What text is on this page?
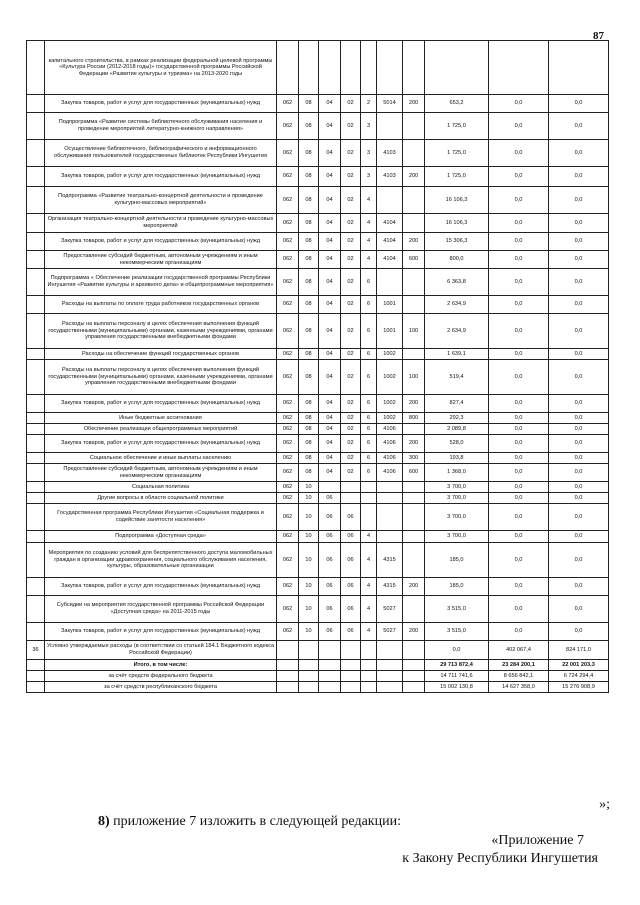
87
	капитального строительства, в рамках реализации федеральной целевой программы «Культура России (2012-2018 годы)» государственной программы Российской Федерации «Развитие культуры и туризма» на 2013-2020 годы										
	Закупка товаров, работ и услуг для государственных (муниципальных) нужд	062	08	04	02	2	5014	200	653,2	0,0	0,0
	Подпрограмма «Развитие системы библиотечного обслуживания населения и проведение мероприятий литературно-книжного направления»	062	08	04	02	3			1 725,0	0,0	0,0
	Осуществление библиотечного, библиографического и информационного обслуживания пользователей государственных библиотек Республики Ингушетия	062	08	04	02	3	4103		1 725,0	0,0	0,0
	Закупка товаров, работ и услуг для государственных (муниципальных) нужд	062	08	04	02	3	4103	200	1 725,0	0,0	0,0
	Подпрограмма «Развитие театрально-концертной деятельности и проведение культурно-массовых мероприятий»	062	08	04	02	4			16 106,3	0,0	0,0
	Организация театрально-концертной деятельности и проведение культурно-массовых мероприятий	062	08	04	02	4	4104		16 106,3	0,0	0,0
	Закупка товаров, работ и услуг для государственных (муниципальных) нужд	062	08	04	02	4	4104	200	15 306,3	0,0	0,0
	Предоставление субсидий бюджетным, автономным учреждениям и иным некоммерческим организациям	062	08	04	02	4	4104	600	800,0	0,0	0,0
	Подпрограмма « Обеспечение реализации государственной программы Республики Ингушетия «Развитие культуры и архивного дела» и общепрограммные мероприятия»	062	08	04	02	6			6 363,8	0,0	0,0
	Расходы на выплаты по оплате труда работников государственных органов	062	08	04	02	6	1001		2 634,9	0,0	0,0
	Расходы на выплаты персоналу в целях обеспечения выполнения функций государственными (муниципальными) органами, казенными учреждениями, органами управления государственными внебюджетными фондами	062	08	04	02	6	1001	100	2 634,9	0,0	0,0
	Расходы на обеспечение функций государственных органов	062	08	04	02	6	1002		1 639,1	0,0	0,0
	Расходы на выплаты персоналу в целях обеспечения выполнения функций государственными (муниципальными) органами, казенными учреждениями, органами управления государственными внебюджетными фондами	062	08	04	02	6	1002	100	519,4	0,0	0,0
	Закупка товаров, работ и услуг для государственных (муниципальных) нужд	062	08	04	02	6	1002	200	827,4	0,0	0,0
	Иные бюджетные ассигнования	062	08	04	02	6	1002	800	292,3	0,0	0,0
	Обеспечение реализации общепрограммных мероприятий	062	08	04	02	6	4106		2 089,8	0,0	0,0
	Закупка товаров, работ и услуг для государственных (муниципальных) нужд	062	08	04	02	6	4106	200	528,0	0,0	0,0
	Социальное обеспечение и иные выплаты населению	062	08	04	02	6	4106	300	193,8	0,0	0,0
	Предоставление субсидий бюджетным, автономным учреждениям и иным некоммерческим организациям	062	08	04	02	6	4106	600	1 368,0	0,0	0,0
	Социальная политика	062	10						3 700,0	0,0	0,0
	Другие вопросы в области социальной политики	062	10	06					3 700,0	0,0	0,0
	Государственная программа Республики Ингушетия «Социальная поддержка и содействие занятости населения»	062	10	06	06				3 700,0	0,0	0,0
	Подпрограмма «Доступная среда»	062	10	06	06	4			3 700,0	0,0	0,0
	Мероприятия по созданию условий для беспрепятственного доступа маломобильных граждан в организации здравоохранения, социального обслуживания населения, культуры, образовательные организации	062	10	06	06	4	4315		185,0	0,0	0,0
	Закупка товаров, работ и услуг для государственных (муниципальных) нужд	062	10	06	06	4	4315	200	185,0	0,0	0,0
	Субсидии на мероприятия государственной программы Российской Федерации «Доступная среда» на 2011-2015 годы	062	10	06	06	4	5027		3 515,0	0,0	0,0
	Закупка товаров, работ и услуг для государственных (муниципальных) нужд	062	10	06	06	4	5027	200	3 515,0	0,0	0,0
36	Условно утверждаемые расходы (в соответствии со статьей 184.1 Бюджетного кодекса Российской Федерации)								0,0	402 067,4	824 171,0
	Итого, в том числе:								29 713 872,4	23 284 200,1	22 001 203,3
	за счёт средств федерального бюджета								14 711 741,6	8 656 842,1	6 724 294,4
	за счёт средств республиканского бюджета								15 002 130,8	14 627 358,0	15 276 908,9
»;
8) приложение 7 изложить в следующей редакции:
«Приложение 7
к Закону Республики Ингушетия
